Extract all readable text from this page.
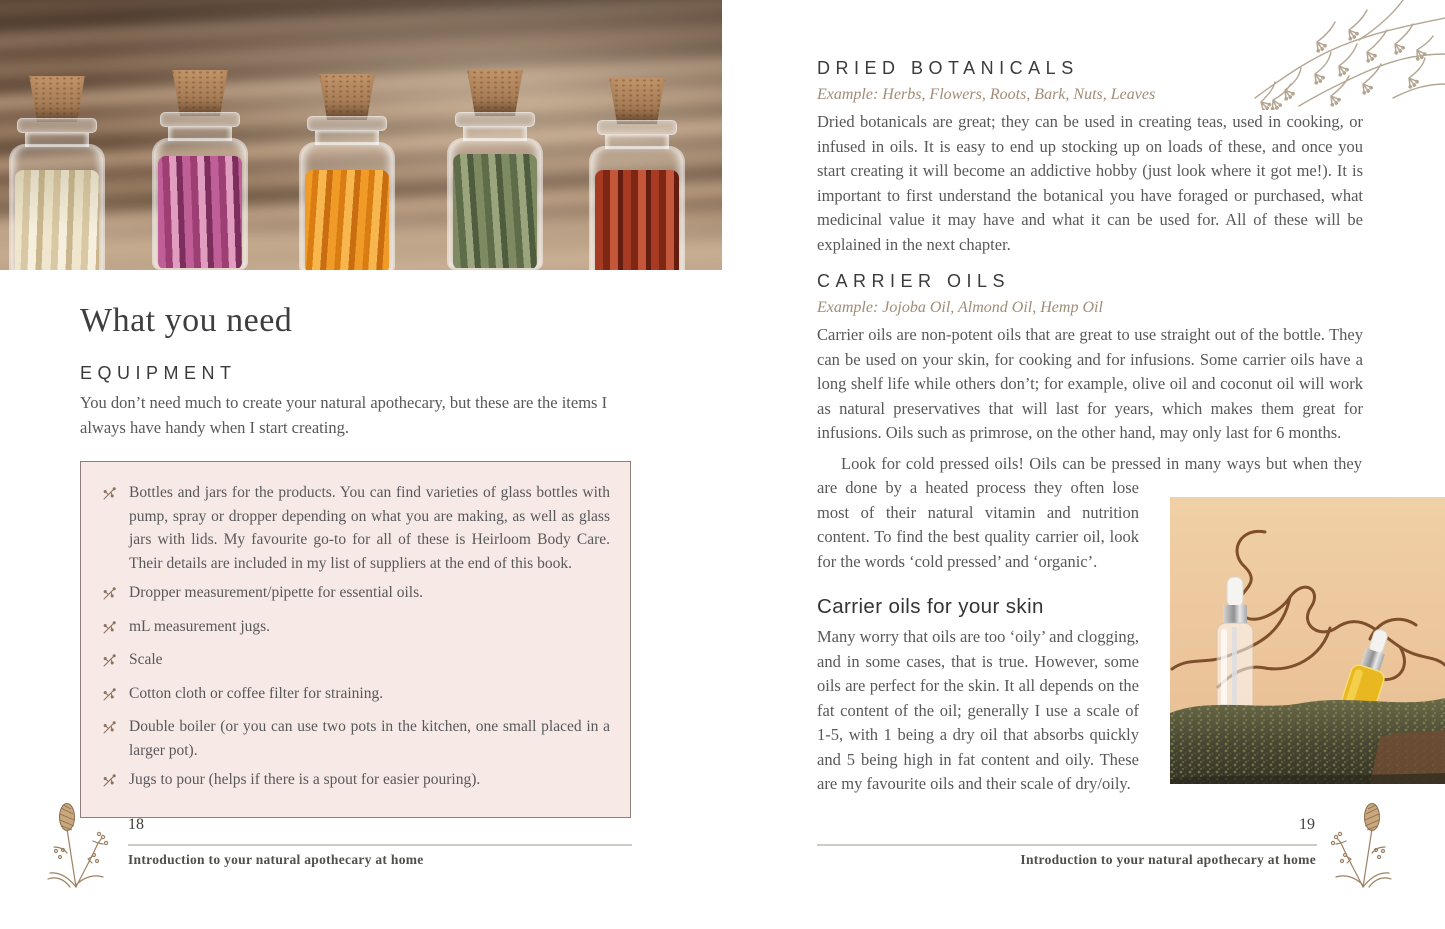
What you need
EQUIPMENT

You don’t need much to create your natural apothecary, but these are the items I always have handy when I start creating.

Bottles and jars for the products. You can find varieties of glass bottles with pump, spray or dropper depending on what you are making, as well as glass jars with lids. My favourite go-to for all of these is Heirloom Body Care. Their details are included in my list of suppliers at the end of this book.
Dropper measurement/pipette for essential oils.
mL measurement jugs.
Scale
Cotton cloth or coffee filter for straining.
Double boiler (or you can use two pots in the kitchen, one small placed in a larger pot).
Jugs to pour (helps if there is a spout for easier pouring).
18
Introduction to your natural apothecary at home
DRIED BOTANICALS

Example: Herbs, Flowers, Roots, Bark, Nuts, Leaves

Dried botanicals are great; they can be used in creating teas, used in cooking, or infused in oils. It is easy to end up stocking up on loads of these, and once you start creating it will become an addictive hobby (just look where it got me!). It is important to first understand the botanical you have foraged or purchased, what medicinal value it may have and what it can be used for. All of these will be explained in the next chapter.

CARRIER OILS

Example: Jojoba Oil, Almond Oil, Hemp Oil

Carrier oils are non-potent oils that are great to use straight out of the bottle. They can be used on your skin, for cooking and for infusions. Some carrier oils have a long shelf life while others don’t; for example, olive oil and coconut oil will work as natural preservatives that will last for years, which makes them great for infusions. Oils such as primrose, on the other hand, may only last for 6 months.

Look for cold pressed oils! Oils can be pressed in many ways but when they are done by a heated process they often lose most of their natural vitamin and nutrition content. To find the best quality carrier oil, look for the words ‘cold pressed’ and ‘organic’.

Carrier oils for your skin

Many worry that oils are too ‘oily’ and clogging, and in some cases, that is true. However, some oils are perfect for the skin. It all depends on the fat content of the oil; generally I use a scale of 1-5, with 1 being a dry oil that absorbs quickly and 5 being high in fat content and oily. These are my favourite oils and their scale of dry/oily.

19
Introduction to your natural apothecary at home
